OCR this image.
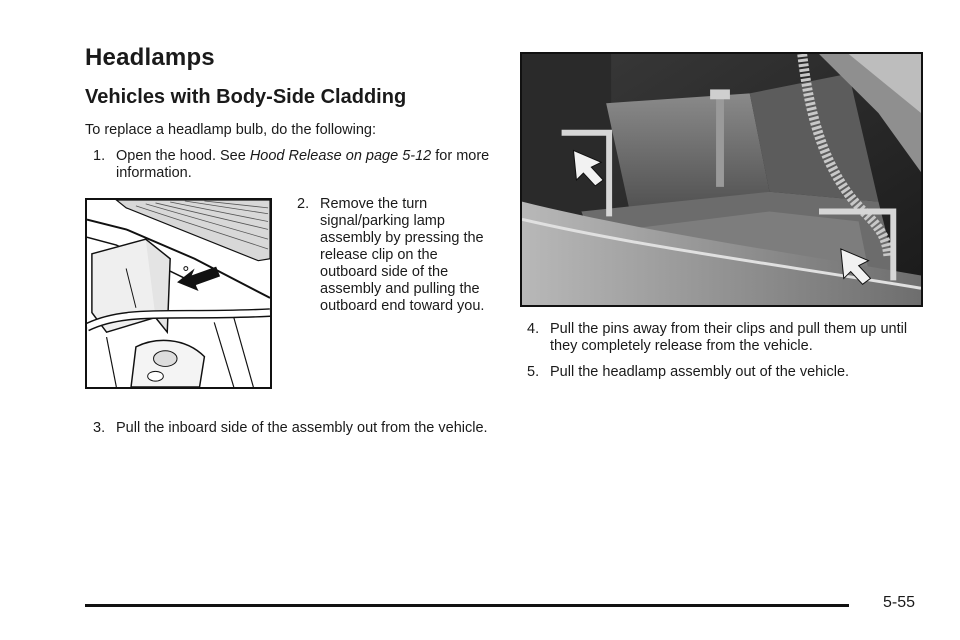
Headlamps
Vehicles with Body-Side Cladding

To replace a headlamp bulb, do the following:

1. Open the hood. See Hood Release on page 5-12 for more information.
2. Remove the turn signal/parking lamp assembly by pressing the release clip on the outboard side of the assembly and pulling the outboard end toward you.
3. Pull the inboard side of the assembly out from the vehicle.
4. Pull the pins away from their clips and pull them up until they completely release from the vehicle.
5. Pull the headlamp assembly out of the vehicle.
5-55
